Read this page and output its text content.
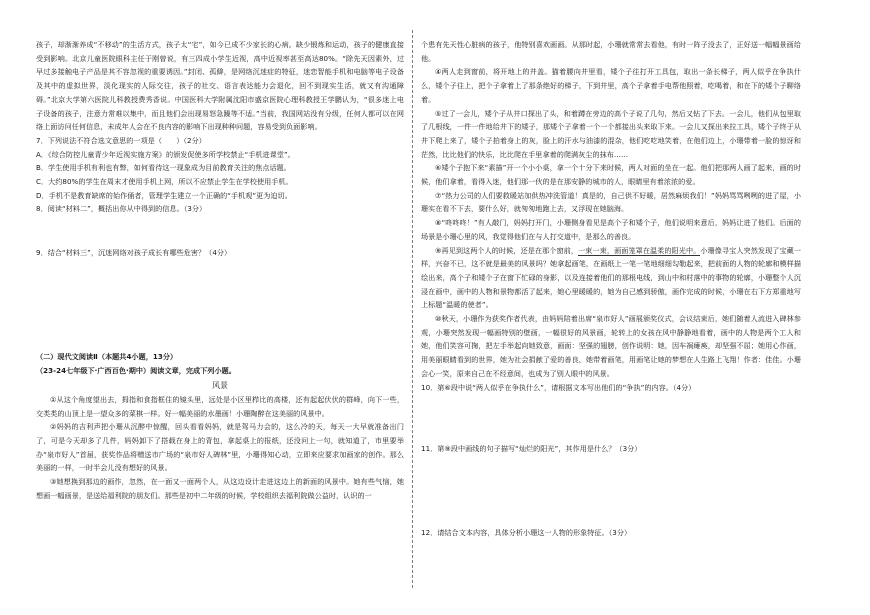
孩子，却渐渐养成“不移动”的生活方式，孩子太“宅”，如今已成不少家长的心病。缺少锻炼和运动，孩子的健康直接受到影响。北京儿童医院眼科主任于刚曾说，有三四成小学生近视，高中近视率甚至高达80%。“除先天因素外，过早过多接触电子产品是其不容忽视的重要诱因。”封闭、孤僻，是网络沉迷症的特征，迷恋智能手机和电脑等电子设备及其中的虚拟世界，淡化现实的人际交往，孩子的社交、语言表达能力会退化，回不到现实生活，就又有沟通障碍。”北京大学第六医院儿科教授费秀香说。中国医科大学附属沈阳市盛京医院心理科教授王学鹏认为，“很多迷上电子设备的孩子，注意力常难以集中，而且他们会出现易怒急躁等不适。”当前，我国网站没有分级，任何人都可以在网络上面访问任何信息，未成年人会在不良内容的影响下出现种种问题，容易受到负面影响。

7．下列说法不符合选文意思的一项是（　　）（2分）

A．《综合防控儿童青少年近视实施方案》的颁发促使多所学校禁止“手机进课堂”。

B．学生使用手机有利也有弊，如何看待这一现象成为目前教育关注的焦点话题。

C．大约80%的学生在周末才使用手机上网，所以不应禁止学生在学校使用手机。

D．手机不是教育缺席的始作俑者，管理学生建立一个正确的“手机观”更为迫切。

8．阅读“材料二”，概括出你从中得到的信息。（3分）

9．结合“材料三”，沉迷网络对孩子成长有哪些危害？（4分）

（二）现代文阅读Ⅱ（本题共4小题，13分）

（23-24七年级下·广西百色·期中）阅读文章，完成下列小题。

风景

①从这个角度望出去，拇指和食指框住的镜头里，远处是小区里栉比的高楼，还有起起伏伏的群峰，向下一些，交类类的山顶上是一望众多的菜棋一样。好一幅美丽的水墨画！小珊陶醉在这美丽的风景中。

②妈妈的吉利声把小珊从沉醉中惊醒，回头看看妈妈，就是驾马力会的，这么冷的天，每天一大早就准备出门了，可是今天却多了几件，妈妈卸下了搭载在身上的背包，拿起桌上的报纸，还没问上一句，就知道了，市里要举办“泉市好人”首届，获奖作品将赠送市广场的“泉市好人碑林”里，小珊得知心动，立即来应要求加画家的创作。那么美丽的一样，一时半会儿没有想好的风景。

③她想换到那边的画作，忽然，在一面又一面两个人，从这边设计走进这边上的新面的风景中。她有些气恼，她想画一幅画景，是送给福利院的朋友们。那些是初中二年级的时候，学校组织去福利院做公益时，认识的一

个患有先天性心脏病的孩子，他特别喜欢画画。从那时起，小珊就常常去看他，有时一阵子没去了，正好送一幅幅景画给他。

④两人走到窗前，将开地上的井盖。猫着腰向井里看，矮个子往打开工具包，取出一条长梯子，两人似乎在争执什么，矮个子往上，把个子拿着上了那条绝好的梯子，下到井里，高个子拿着手电帮他照着，吃喝着，和在下的矮个子聊络着。

⑤过了一会儿，矮个子从井口探出了头，和着蹲在旁边的高个子说了几句，然后又钻了下去。一会儿，他们从包里取了几根线，一件一件地给井下的矮子，那矮个子拿着一个一个都接出头来取下来。一会儿又探出来拉工具，矮个子终于从井下爬上来了，矮个子拍着身上的灰，脸上的汗水与油漆的混杂，他们吃吃地笑着，在他们边上，小珊带着一脸的惊讶和茫然，比比他们的快乐，比比爬在手里拿着的爬满灰尘的抹布……

⑥矮个子抱下来“素描”开一个小小桌，拿一个十分下来时候，两人对面的坐在一起。他们把那两人画了起来，画的时候，他们拿着，看得入迷，他们那一伙的是在那安静的城市的人，眼睛里有着浓浓的爱。

⑦“热力公司的人们要救暖站加供热冲洗管道！真是的，自己供不好暖，居然麻烦我们！”妈妈骂骂咧咧的进了屋，小珊实在看不下去，要什么好，就匆匆地跑上去，又浮现在她脑海。

⑧“咚咚咚！”有人敲门，妈妈打开门，小珊侧身看见是高个子和矮个子，他们说明来意后，妈妈让进了他们。后面的场景是小珊心里的风，我觉得他们在与人打交道中，是那么的善良。

⑨再见到这两个人的时候，还是在那个窗前，一束一束，画面笼罩在温柔的阳光中。小珊像寻宝人突然发现了宝藏一样，兴奋不已，这不就是最美的风景吗？她拿起画笔，在画纸上一笔一笔地细细勾勒起来，把前面的人物的轮廓和模样描绘出来，高个子和矮个子在窗下忙碌的身影，以及连接着他们的那根电线，到山中和村落中的事物的轮廓，小珊整个人沉浸在画中，画中的人物和景物都活了起来，她心里暖暖的，她为自己感到骄傲，画作完成的时候，小珊在右下方郑重地写上标题“温暖的使者”。

⑩秋天，小珊作为获奖作者代表，由妈妈陪着出席“泉市好人”画展颁奖仪式，会议结束后，她们随着人流进入碑林参观，小珊突然发现一幅画特别的壁画，一幅很好的风景画，轮转上的女孩在风中静静地看着，画中的人物是两个工人和她，他们笑容可掬，把左手举起向她致意，画面：坚强的翅膀，创作说明：她，因车祸瘫痪，却坚强不屈；她用心作画，用美丽眼睛看到的世界，她为社会捐献了爱的善良，她带着画笔，用画笔让她的梦想在人生路上飞翔！作者：佳佳。小珊会心一笑，原来自己在不经意间，也成为了别人眼中的风景。

10．第⑥段中说“两人似乎在争执什么”，请根据文本写出他们的“争执”的内容。（4分）

11．第⑨段中画线的句子描写“灿烂的阳光”，其作用是什么？（3分）

12．请结合文本内容，具体分析小珊这一人物的形象特征。（3分）
